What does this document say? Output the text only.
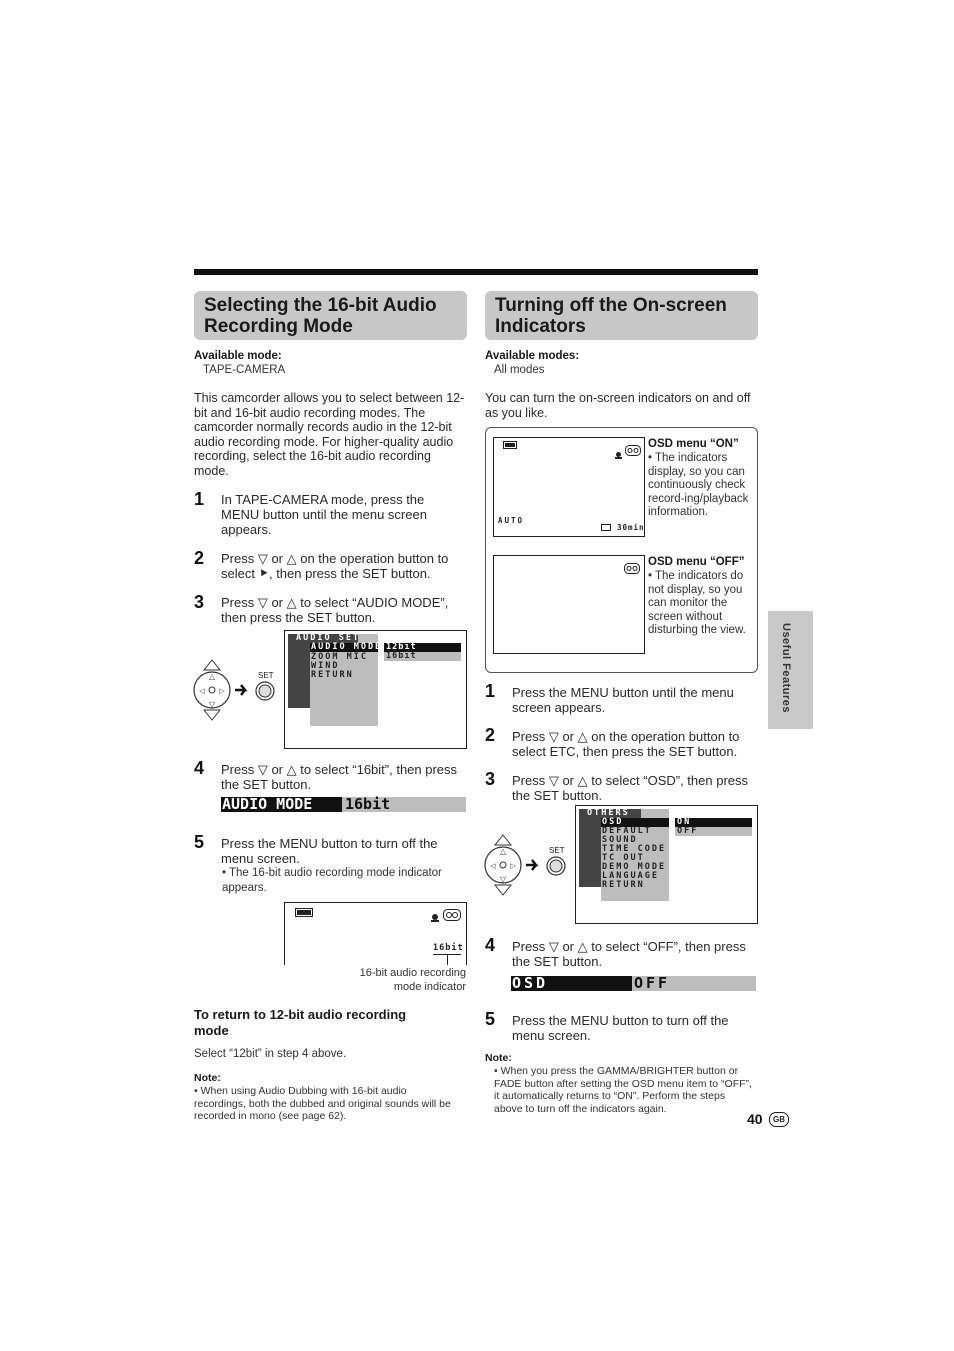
Selecting the 16-bit Audio
Recording Mode
Available mode:
TAPE-CAMERA
This camcorder allows you to select between 12-bit and 16-bit audio recording modes. The camcorder normally records audio in the 12-bit audio recording mode. For higher-quality audio recording, select the 16-bit audio recording mode.
1 In TAPE-CAMERA mode, press the MENU button until the menu screen appears.
2 Press ▽ or △ on the operation button to select ⯈, then press the SET button.
3 Press ▽ or △ to select “AUDIO MODE”, then press the SET button.
△
▽
◁ ▷
SET
AUDIO SET
AUDIO MODE
ZOOM MIC
WIND
RETURN
12bit
16bit
4 Press ▽ or △ to select “16bit”, then press the SET button.
AUDIO MODE 16bit
5 Press the MENU button to turn off the menu screen.
• The 16-bit audio recording mode indicator appears.
16bit
16-bit audio recording
mode indicator
To return to 12-bit audio recording
mode
Select “12bit” in step 4 above.
Note:
• When using Audio Dubbing with 16-bit audio recordings, both the dubbed and original sounds will be recorded in mono (see page 62).
Turning off the On-screen
Indicators
Available modes:
All modes
You can turn the on-screen indicators on and off as you like.
AUTO
30min
OSD menu “ON”
• The indicators display, so you can continuously check record-ing/playback information.
OSD menu “OFF”
• The indicators do not display, so you can monitor the screen without disturbing the view.
1 Press the MENU button until the menu screen appears.
2 Press ▽ or △ on the operation button to select ETC, then press the SET button.
3 Press ▽ or △ to select “OSD”, then press the SET button.
△
▽
◁ ▷
SET
OTHERS
OSD
DEFAULT
SOUND
TIME CODE
TC OUT
DEMO MODE
LANGUAGE
RETURN
ON
OFF
4 Press ▽ or △ to select “OFF”, then press the SET button.
OSD	OFF
5 Press the MENU button to turn off the menu screen.
Note:
• When you press the GAMMA/BRIGHTER button or FADE button after setting the OSD menu item to “OFF”, it automatically returns to “ON”. Perform the steps above to turn off the indicators again.
Useful Features
40	GB
